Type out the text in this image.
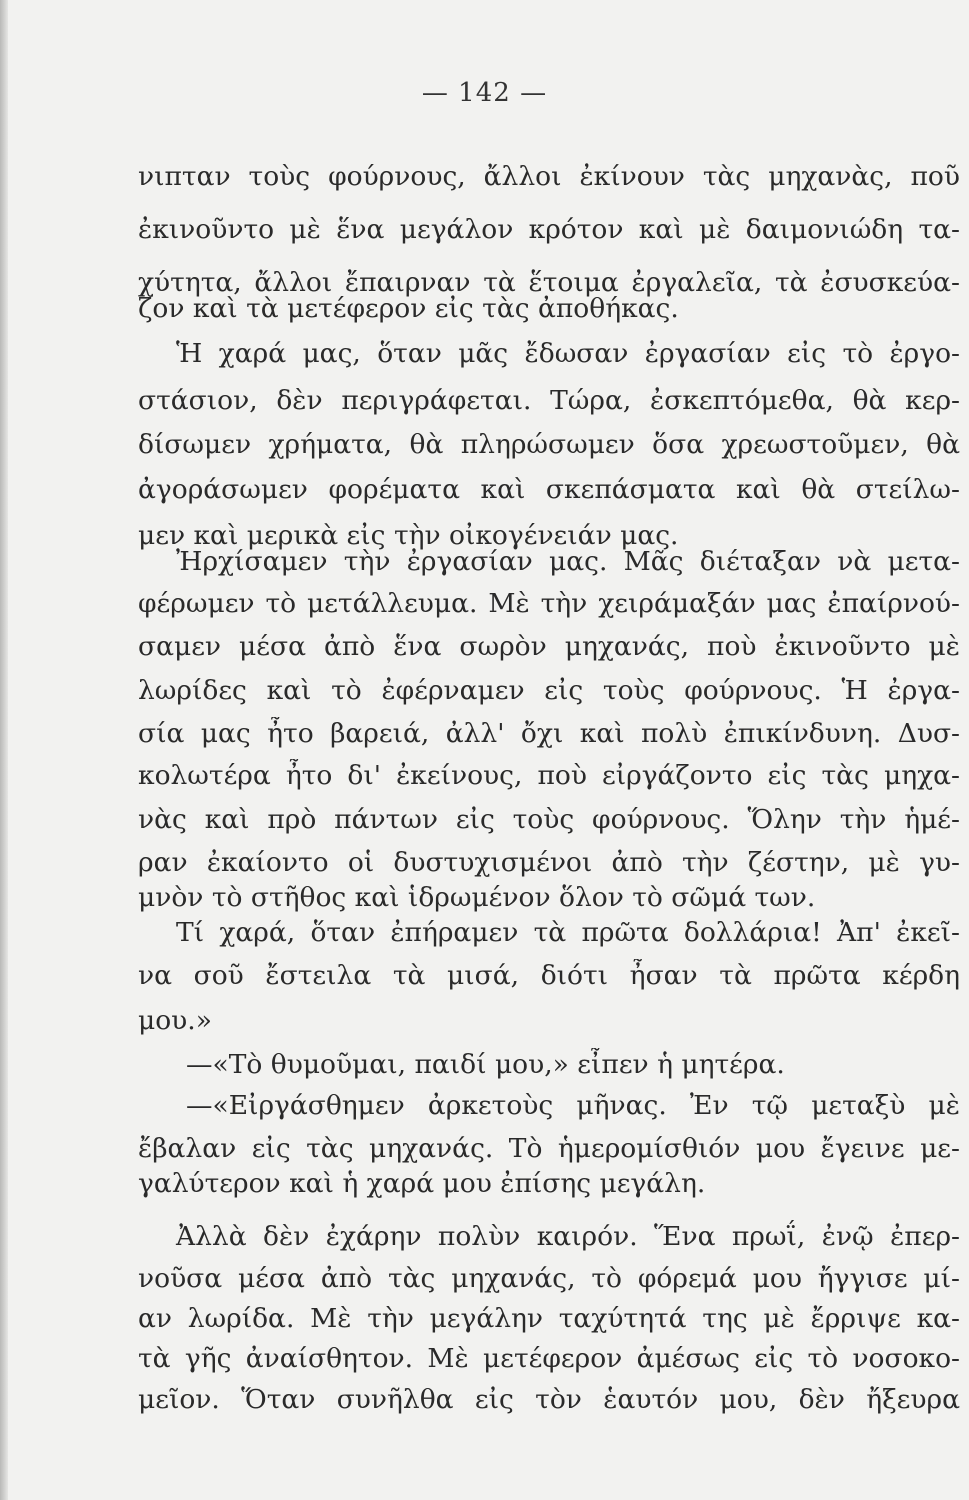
— 142 —
νιπταν τοὺς φούρνους, ἄλλοι ἐκίνουν τὰς μηχανὰς, ποῦ
ἐκινοῦντο μὲ ἕνα μεγάλον κρότον καὶ μὲ δαιμονιώδη τα-
χύτητα, ἄλλοι ἔπαιρναν τὰ ἕτοιμα ἐργαλεῖα, τὰ ἐσυσκεύα-
ζον καὶ τὰ μετέφερον εἰς τὰς ἀποθήκας.
Ἡ χαρά μας, ὅταν μᾶς ἔδωσαν ἐργασίαν εἰς τὸ ἐργο-
στάσιον, δὲν περιγράφεται. Τώρα, ἐσκεπτόμεθα, θὰ κερ-
δίσωμεν χρήματα, θὰ πληρώσωμεν ὅσα χρεωστοῦμεν, θὰ
ἀγοράσωμεν φορέματα καὶ σκεπάσματα καὶ θὰ στείλω-
μεν καὶ μερικὰ εἰς τὴν οἰκογένειάν μας.
Ἠρχίσαμεν τὴν ἐργασίαν μας. Μᾶς διέταξαν νὰ μετα-
φέρωμεν τὸ μετάλλευμα. Μὲ τὴν χειράμαξάν μας ἐπαίρνού-
σαμεν μέσα ἀπὸ ἕνα σωρὸν μηχανάς, ποὺ ἐκινοῦντο μὲ
λωρίδες καὶ τὸ ἐφέρναμεν εἰς τοὺς φούρνους. Ἡ ἐργα-
σία μας ἦτο βαρειά, ἀλλ' ὄχι καὶ πολὺ ἐπικίνδυνη. Δυσ-
κολωτέρα ἦτο δι' ἐκείνους, ποὺ εἰργάζοντο εἰς τὰς μηχα-
νὰς καὶ πρὸ πάντων εἰς τοὺς φούρνους. Ὅλην τὴν ἡμέ-
ραν ἐκαίοντο οἱ δυστυχισμένοι ἀπὸ τὴν ζέστην, μὲ γυ-
μνὸν τὸ στῆθος καὶ ἱδρωμένον ὅλον τὸ σῶμά των.
Τί χαρά, ὅταν ἐπήραμεν τὰ πρῶτα δολλάρια! Ἀπ' ἐκεῖ-
να σοῦ ἔστειλα τὰ μισά, διότι ἦσαν τὰ πρῶτα κέρδη
μου.»
—«Τὸ θυμοῦμαι, παιδί μου,» εἶπεν ἡ μητέρα.
—«Εἰργάσθημεν ἀρκετοὺς μῆνας. Ἐν τῷ μεταξὺ μὲ
ἔβαλαν εἰς τὰς μηχανάς. Τὸ ἡμερομίσθιόν μου ἔγεινε με-
γαλύτερον καὶ ἡ χαρά μου ἐπίσης μεγάλη.
Ἀλλὰ δὲν ἐχάρην πολὺν καιρόν. Ἕνα πρωΐ, ἐνῷ ἐπερ-
νοῦσα μέσα ἀπὸ τὰς μηχανάς, τὸ φόρεμά μου ἤγγισε μί-
αν λωρίδα. Μὲ τὴν μεγάλην ταχύτητά της μὲ ἔρριψε κα-
τὰ γῆς ἀναίσθητον. Μὲ μετέφερον ἀμέσως εἰς τὸ νοσοκο-
μεῖον. Ὅταν συνῆλθα εἰς τὸν ἑαυτόν μου, δὲν ἤξευρα
